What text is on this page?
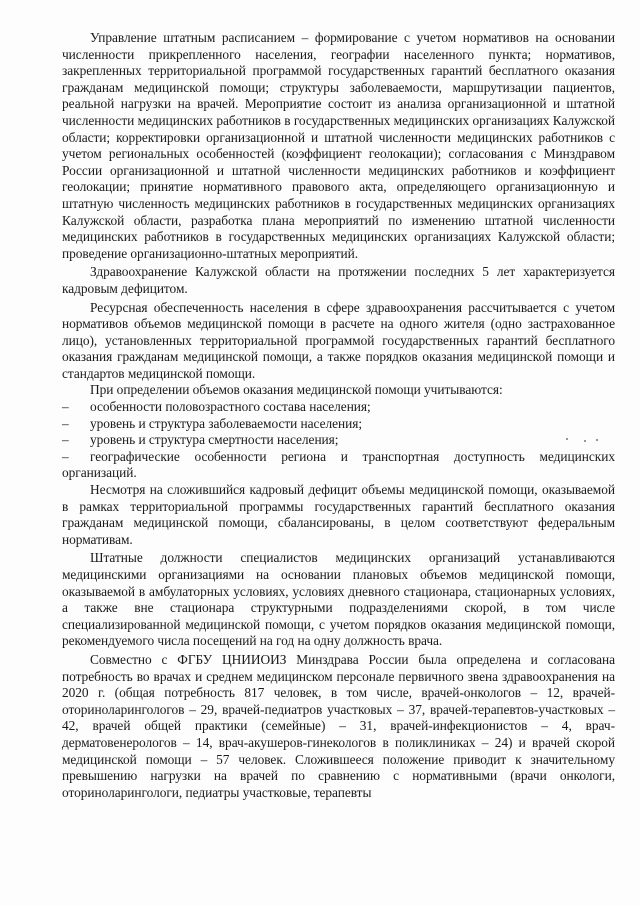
Управление штатным расписанием – формирование с учетом нормативов на основании численности прикрепленного населения, географии населенного пункта; нормативов, закрепленных территориальной программой государственных гарантий бесплатного оказания гражданам медицинской помощи; структуры заболеваемости, маршрутизации пациентов, реальной нагрузки на врачей. Мероприятие состоит из анализа организационной и штатной численности медицинских работников в государственных медицинских организациях Калужской области; корректировки организационной и штатной численности медицинских работников с учетом региональных особенностей (коэффициент геолокации); согласования с Минздравом России организационной и штатной численности медицинских работников и коэффициент геолокации; принятие нормативного правового акта, определяющего организационную и штатную численность медицинских работников в государственных медицинских организациях Калужской области, разработка плана мероприятий по изменению штатной численности медицинских работников в государственных медицинских организациях Калужской области; проведение организационно-штатных мероприятий.

Здравоохранение Калужской области на протяжении последних 5 лет характеризуется кадровым дефицитом.

Ресурсная обеспеченность населения в сфере здравоохранения рассчитывается с учетом нормативов объемов медицинской помощи в расчете на одного жителя (одно застрахованное лицо), установленных территориальной программой государственных гарантий бесплатного оказания гражданам медицинской помощи, а также порядков оказания медицинской помощи и стандартов медицинской помощи.

При определении объемов оказания медицинской помощи учитываются:

– особенности половозрастного состава населения;

– уровень и структура заболеваемости населения;

– уровень и структура смертности населения;

– географические особенности региона и транспортная доступность медицинских организаций.

Несмотря на сложившийся кадровый дефицит объемы медицинской помощи, оказываемой в рамках территориальной программы государственных гарантий бесплатного оказания гражданам медицинской помощи, сбалансированы, в целом соответствуют федеральным нормативам.

Штатные должности специалистов медицинских организаций устанавливаются медицинскими организациями на основании плановых объемов медицинской помощи, оказываемой в амбулаторных условиях, условиях дневного стационара, стационарных условиях, а также вне стационара структурными подразделениями скорой, в том числе специализированной медицинской помощи, с учетом порядков оказания медицинской помощи, рекомендуемого числа посещений на год на одну должность врача.

Совместно с ФГБУ ЦНИИОИЗ Минздрава России была определена и согласована потребность во врачах и среднем медицинском персонале первичного звена здравоохранения на 2020 г. (общая потребность 817 человек, в том числе, врачей-онкологов – 12, врачей-оториноларингологов – 29, врачей-педиатров участковых – 37, врачей-терапевтов-участковых – 42, врачей общей практики (семейные) – 31, врачей-инфекционистов – 4, врач-дерматовенерологов – 14, врач-акушеров-гинекологов в поликлиниках – 24) и врачей скорой медицинской помощи – 57 человек. Сложившееся положение приводит к значительному превышению нагрузки на врачей по сравнению с нормативными (врачи онкологи, оториноларингологи, педиатры участковые, терапевты
